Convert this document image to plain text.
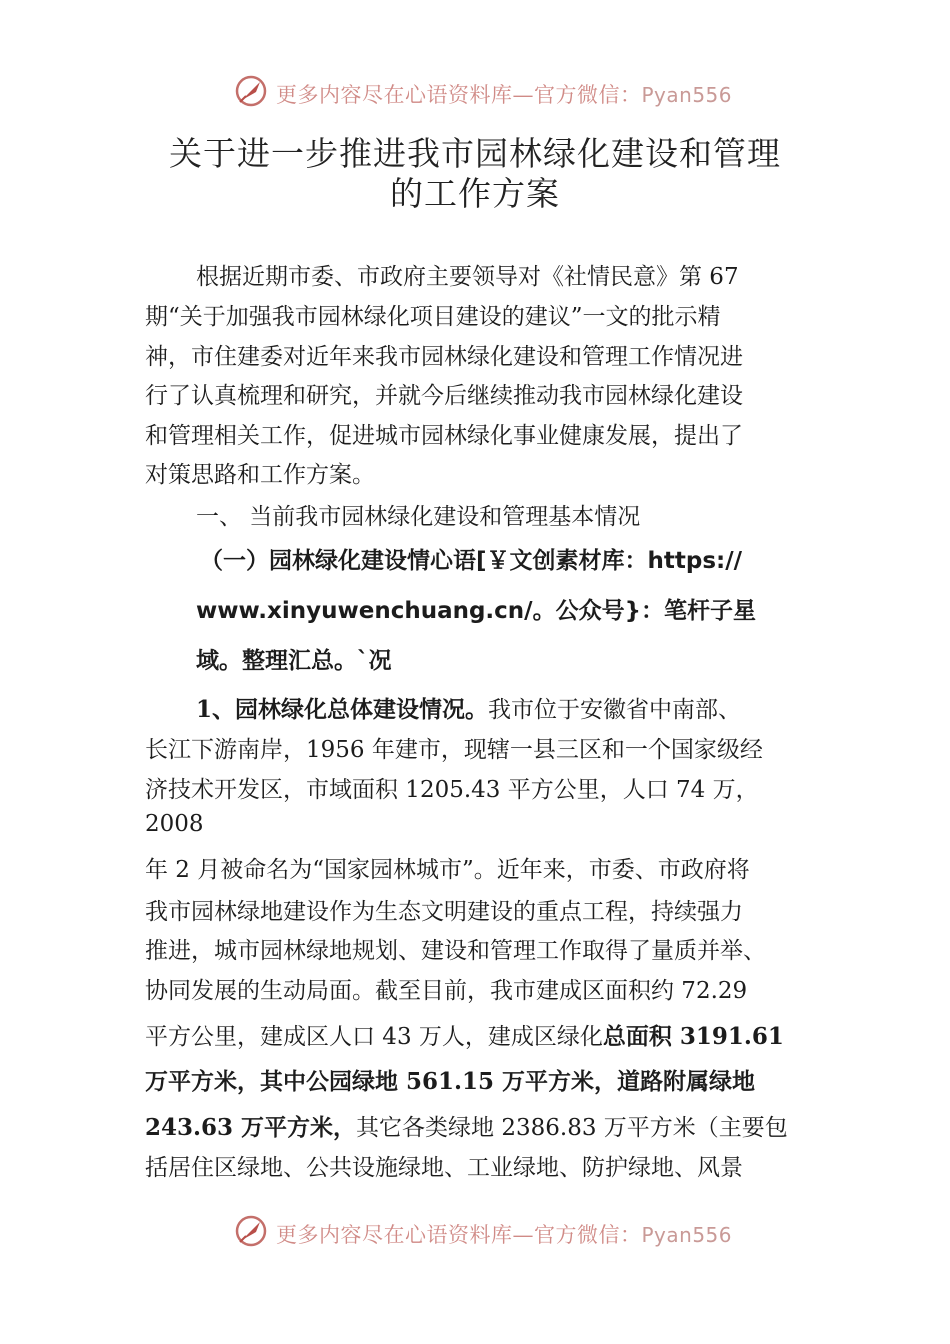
更多内容尽在心语资料库—官方微信：Pyan556
关于进一步推进我市园林绿化建设和管理
的工作方案
根据近期市委、市政府主要领导对《社情民意》第 67
期“关于加强我市园林绿化项目建设的建议”一文的批示精
神，市住建委对近年来我市园林绿化建设和管理工作情况进
行了认真梳理和研究，并就今后继续推动我市园林绿化建设
和管理相关工作，促进城市园林绿化事业健康发展，提出了
对策思路和工作方案。
一、 当前我市园林绿化建设和管理基本情况
（一）园林绿化建设情心语[￥文创素材库：https://
www.xinyuwenchuang.cn/。公众号}：笔杆子星
域。整理汇总。`况
1、园林绿化总体建设情况。我市位于安徽省中南部、
长江下游南岸，1956 年建市，现辖一县三区和一个国家级经
济技术开发区，市域面积 1205.43 平方公里，人口 74 万，
2008
年 2 月被命名为“国家园林城市”。近年来，市委、市政府将
我市园林绿地建设作为生态文明建设的重点工程，持续强力
推进，城市园林绿地规划、建设和管理工作取得了量质并举、
协同发展的生动局面。截至目前，我市建成区面积约 72.29
平方公里，建成区人口 43 万人，建成区绿化总面积 3191.61
万平方米，其中公园绿地 561.15 万平方米，道路附属绿地
243.63 万平方米，其它各类绿地 2386.83 万平方米（主要包
括居住区绿地、公共设施绿地、工业绿地、防护绿地、风景
更多内容尽在心语资料库—官方微信：Pyan556
